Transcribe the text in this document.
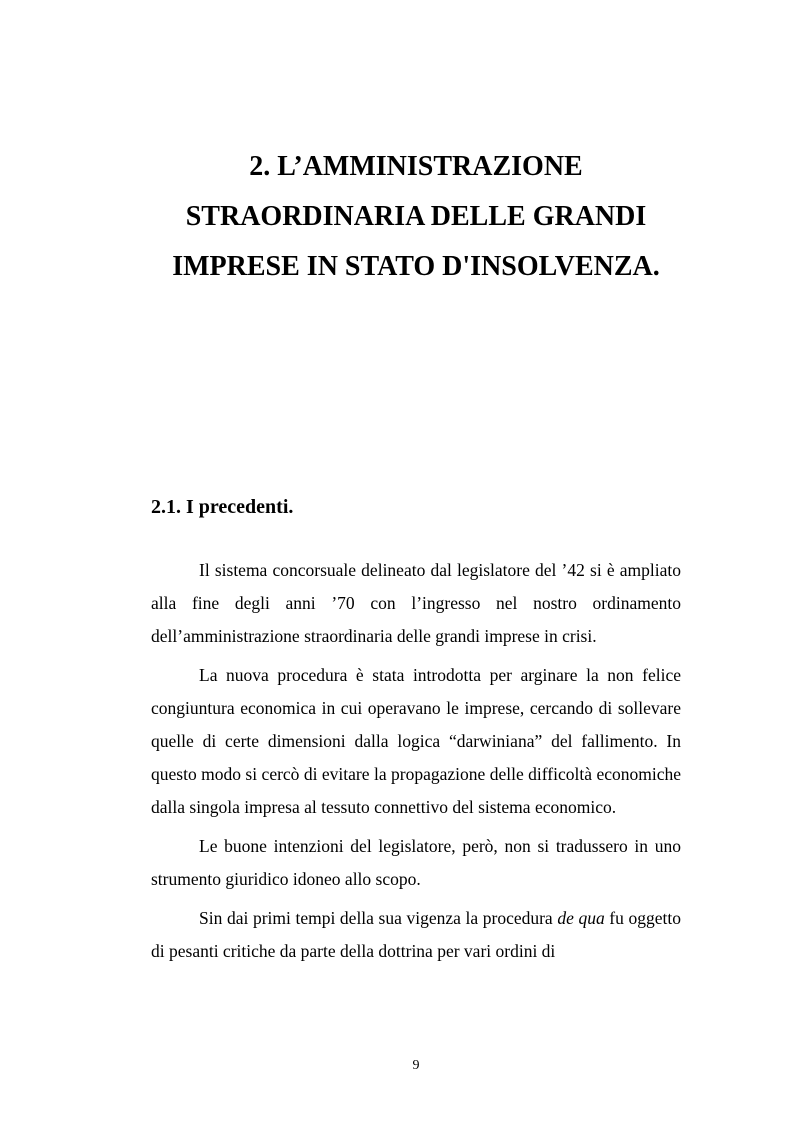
2. L’AMMINISTRAZIONE
STRAORDINARIA DELLE GRANDI
IMPRESE IN STATO D'INSOLVENZA.
2.1. I precedenti.

Il sistema concorsuale delineato dal legislatore del ’42 si è ampliato alla fine degli anni ’70 con l’ingresso nel nostro ordinamento dell’amministrazione straordinaria delle grandi imprese in crisi.

La nuova procedura è stata introdotta per arginare la non felice congiuntura economica in cui operavano le imprese, cercando di sollevare quelle di certe dimensioni dalla logica “darwiniana” del fallimento. In questo modo si cercò di evitare la propagazione delle difficoltà economiche dalla singola impresa al tessuto connettivo del sistema economico.

Le buone intenzioni del legislatore, però, non si tradussero in uno strumento giuridico idoneo allo scopo.

Sin dai primi tempi della sua vigenza la procedura de qua fu oggetto di pesanti critiche da parte della dottrina per vari ordini di

9
